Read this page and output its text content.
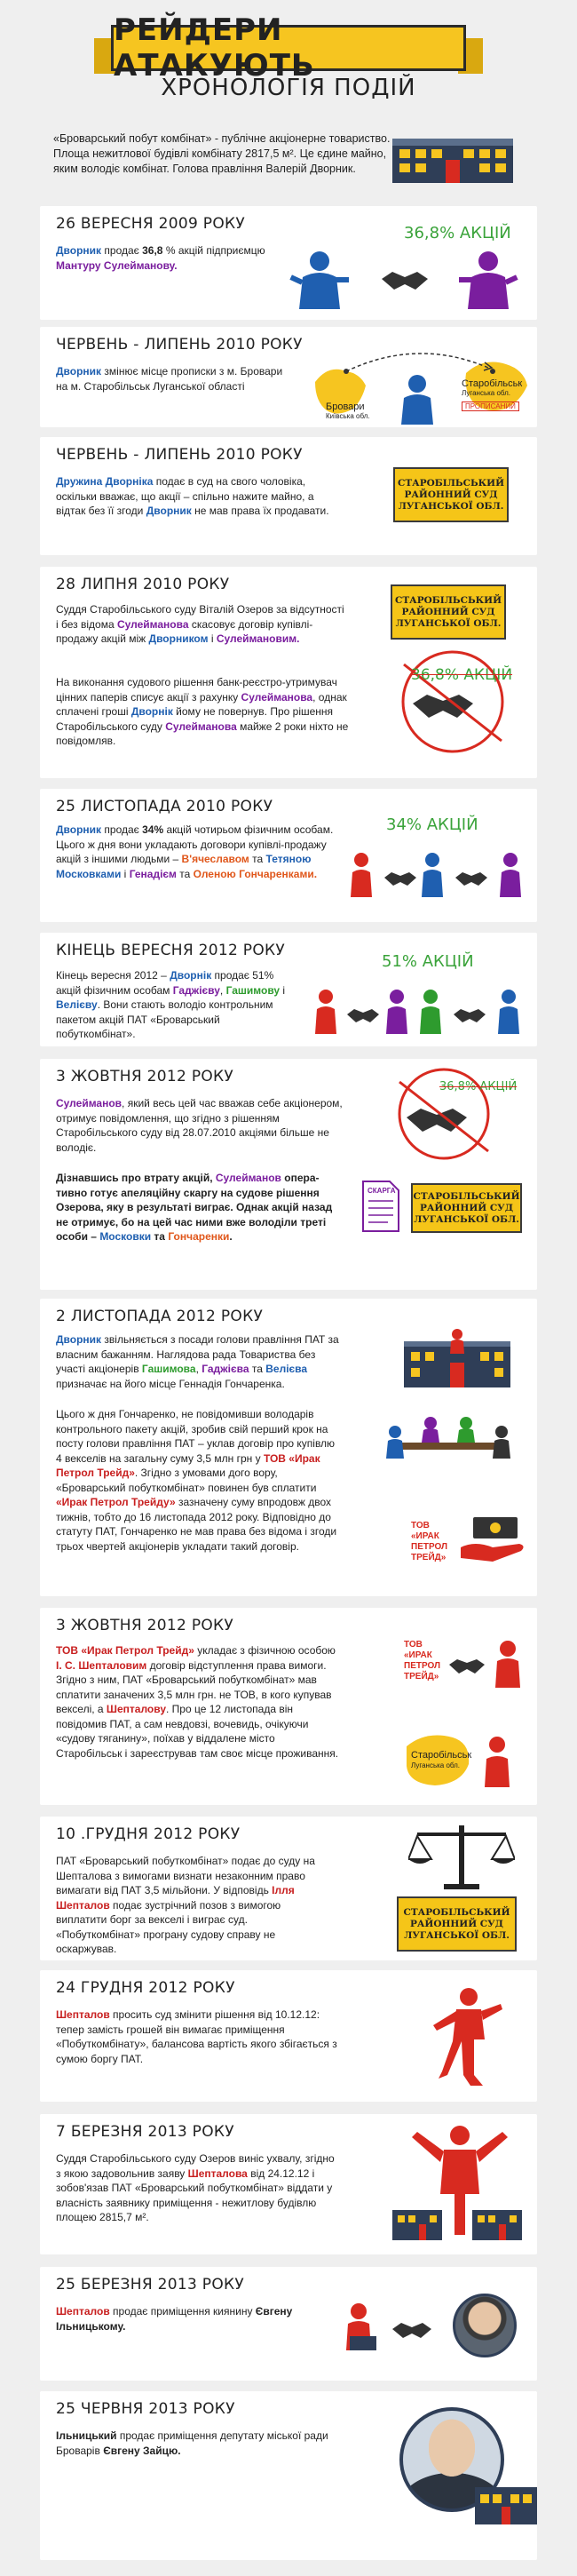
РЕЙДЕРИ АТАКУЮТЬ
ХРОНОЛОГІЯ ПОДІЙ
«Броварський побут комбінат» - публічне акціонерне товариство. Площа нежитлової будівлі комбінату 2817,5 м². Це єдине майно, яким володіє комбінат. Голова правління Валерій Дворник.
26 ВЕРЕСНЯ 2009 РОКУ
Дворник продає 36,8 % акцій підприємцю Мантуру Сулейманову.
36,8% АКЦІЙ
ЧЕРВЕНЬ - ЛИПЕНЬ 2010 РОКУ
Дворник змінює місце прописки з м. Бровари на м. Старобільськ Луганської області
Бровари
Київська обл.
Старобільськ
Луганська обл.
ПРОПИСАНИЙ
ЧЕРВЕНЬ - ЛИПЕНЬ 2010 РОКУ
Дружина Дворніка подає в суд на свого чоловіка, оскільки вважає, що акції – спільно нажите майно, а відтак без її згоди Дворник не мав права їх продавати.
СТАРОБІЛЬСЬКИЙ РАЙОННИЙ СУД ЛУГАНСЬКОЇ ОБЛ.
28 ЛИПНЯ 2010 РОКУ
Суддя Старобільського суду Віталій Озеров за відсутності і без відома Сулейманова скасовує договір купівлі-продажу акцій між Дворником і Сулеймановим.
На виконання судового рішення банк-реєстро-утримувач цінних паперів списує акції з рахунку Сулейманова, однак сплачені гроші Дворнік йому не повернув. Про рішення Старобільського суду Сулейманова майже 2 роки ніхто не повідомляв.
СТАРОБІЛЬСЬКИЙ РАЙОННИЙ СУД ЛУГАНСЬКОЇ ОБЛ.
36,8% АКЦІЙ
25 ЛИСТОПАДА 2010 РОКУ
Дворник продає 34% акцій чотирьом фізичним особам. Цього ж дня вони укладають договори купівлі-продажу акцій з іншими людьми – В'ячеславом та Тетяною Московками і Генадієм та Оленою Гончаренками.
34% АКЦІЙ
КІНЕЦЬ ВЕРЕСНЯ 2012 РОКУ
Кінець вересня 2012 – Дворнік продає 51% акцій фізичним особам Гаджієву, Гашимову і Велієву. Вони стають володіо контрольним пакетом акцій ПАТ «Броварський побуткомбінат».
51% АКЦІЙ
3 ЖОВТНЯ 2012 РОКУ
Сулейманов, який весь цей час вважав себе акціонером, отримує повідомлення, що згідно з рішенням Старобільського суду від 28.07.2010 акціями більше не володіє.
Дізнавшись про втрату акцій, Сулейманов опера-тивно готує апеляційну скаргу на судове рішення Озерова, яку в результаті виграє. Однак акцій назад не отримує, бо на цей час ними вже володіли треті особи – Московки та Гончаренки.
36,8% АКЦІЙ
СКАРГА СТАРОБІЛЬСЬКИЙ РАЙОННИЙ СУД ЛУГАНСЬКОЇ ОБЛ.
2 ЛИСТОПАДА 2012 РОКУ
Дворник звільняється з посади голови правління ПАТ за власним бажанням. Наглядова рада Товариства без участі акціонерів Гашимова, Гаджієва та Велієва призначає на його місце Геннадія Гончаренка.
Цього ж дня Гончаренко, не повідомивши володарів контрольного пакету акцій, зробив свій перший крок на посту голови правління ПАТ – уклав договір про купівлю 4 векселів на загальну суму 3,5 млн грн у ТОВ «Ирак Петрол Трейд». Згідно з умовами дого вору, «Броварський побуткомбінат» повинен був сплатити «Ирак Петрол Трейду» зазначену суму впродовж двох тижнів, тобто до 16 листопада 2012 року. Відповідно до статуту ПАТ, Гончаренко не мав права без відома і згоди трьох чвертей акціонерів укладати такий договір.
ТОВ «ИРАК ПЕТРОЛ ТРЕЙД»
3 ЖОВТНЯ 2012 РОКУ
ТОВ «Ирак Петрол Трейд» укладає з фізичною особою І. С. Шепталовим договір відступлення права вимоги. Згідно з ним, ПАТ «Броварський побуткомбінат» мав сплатити заначених 3,5 млн грн. не ТОВ, в кого купував векселі, а Шепталову. Про це 12 листопада він повідомив ПАТ, а сам невдовзі, вочевидь, очікуючи «судову тяганину», поїхав у віддаленe місто Старобільськ і зареєстрував там своє місце проживання.
ТОВ «ИРАК ПЕТРОЛ ТРЕЙД»
Старобільськ
Луганська обл.
10 .ГРУДНЯ 2012 РОКУ
ПАТ «Броварський побуткомбінат» подає до суду на Шепталова з вимогами визнати незаконним право вимагати від ПАТ 3,5 мільйони. У відповідь Ілля Шепталов подає зустрічний позов з вимогою виплатити борг за векселі і виграє суд. «Побуткомбінат» програну судову справу не оскаржував.
СТАРОБІЛЬСЬКИЙ РАЙОННИЙ СУД ЛУГАНСЬКОЇ ОБЛ.
24 ГРУДНЯ 2012 РОКУ
Шепталов просить суд змінити рішення від 10.12.12: тепер замість грошей він вимагає приміщення «Побуткомбінату», балансова вартість якого збігається з сумою боргу ПАТ.
7 БЕРЕЗНЯ 2013 РОКУ
Суддя Старобільського суду Озеров виніс ухвалу, згідно з якою задовольнив заяву Шепталова від 24.12.12 і зобов'язав ПАТ «Броварський побуткомбінат» віддати у власність заявнику приміщення - нежитлову будівлю площею 2815,7 м².
25 БЕРЕЗНЯ 2013 РОКУ
Шепталов продає приміщення киянину Євгену Ільницькому.
25 ЧЕРВНЯ 2013 РОКУ
Ільницький продає приміщення депутату міської ради Броварів Євгену Зайцю.
